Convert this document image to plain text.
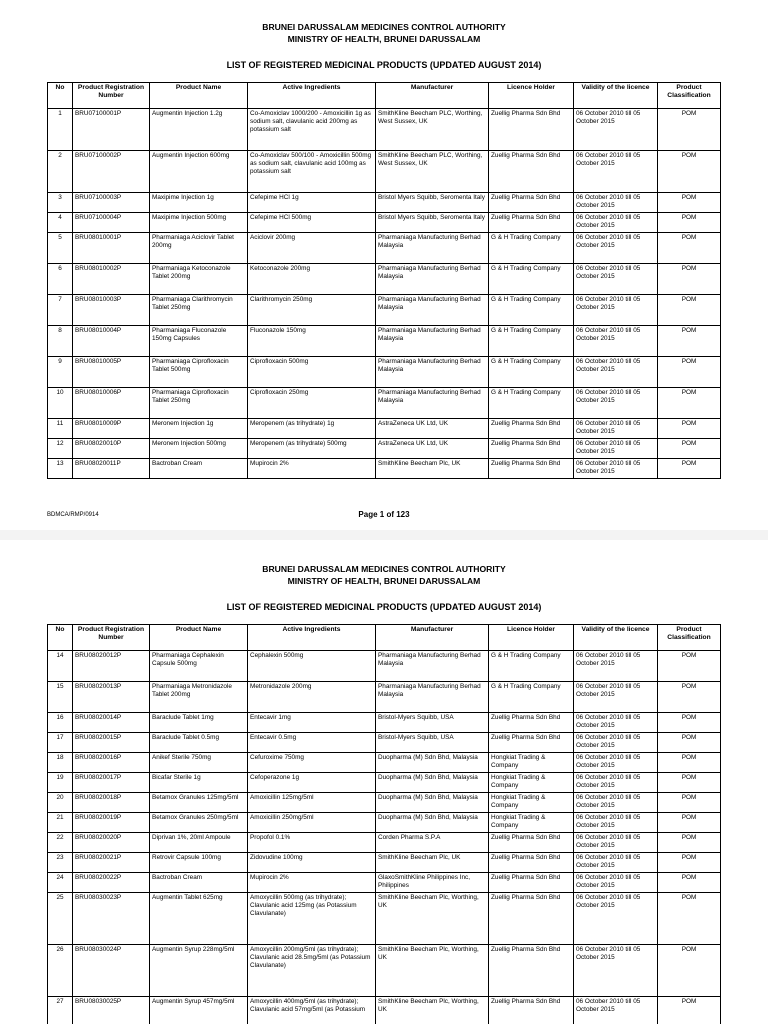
BRUNEI DARUSSALAM MEDICINES CONTROL AUTHORITY
MINISTRY OF HEALTH, BRUNEI DARUSSALAM
LIST OF REGISTERED MEDICINAL PRODUCTS (UPDATED AUGUST 2014)
No	Product Registration Number	Product Name	Active Ingredients	Manufacturer	Licence Holder	Validity of the licence	Product Classification

1	BRU07100001P	Augmentin Injection 1.2g	Co-Amoxiclav 1000/200 - Amoxicillin 1g as sodium salt, clavulanic acid 200mg as potassium salt	SmithKline Beecham PLC, Worthing, West Sussex, UK	Zuellig Pharma Sdn Bhd	06 October 2010 till 05 October 2015	POM

2	BRU07100002P	Augmentin Injection 600mg	Co-Amoxiclav 500/100 - Amoxicillin 500mg as sodium salt, clavulanic acid 100mg as potassium salt	SmithKline Beecham PLC, Worthing, West Sussex, UK	Zuellig Pharma Sdn Bhd	06 October 2010 till 05 October 2015	POM

3	BRU07100003P	Maxipime Injection 1g	Cefepime HCl 1g	Bristol Myers Squibb, Seromenta Italy	Zuellig Pharma Sdn Bhd	06 October 2010 till 05 October 2015	POM

4	BRU07100004P	Maxipime Injection 500mg	Cefepime HCl 500mg	Bristol Myers Squibb, Seromenta Italy	Zuellig Pharma Sdn Bhd	06 October 2010 till 05 October 2015	POM

5	BRU08010001P	Pharmaniaga Aciclovir Tablet 200mg	Aciclovir 200mg	Pharmaniaga Manufacturing Berhad Malaysia	G & H Trading Company	06 October 2010 till 05 October 2015	POM

6	BRU08010002P	Pharmaniaga Ketoconazole Tablet 200mg	Ketoconazole 200mg	Pharmaniaga Manufacturing Berhad Malaysia	G & H Trading Company	06 October 2010 till 05 October 2015	POM

7	BRU08010003P	Pharmaniaga Clarithromycin Tablet 250mg	Clarithromycin 250mg	Pharmaniaga Manufacturing Berhad Malaysia	G & H Trading Company	06 October 2010 till 05 October 2015	POM

8	BRU08010004P	Pharmaniaga Fluconazole 150mg Capsules	Fluconazole 150mg	Pharmaniaga Manufacturing Berhad Malaysia	G & H Trading Company	06 October 2010 till 05 October 2015	POM

9	BRU08010005P	Pharmaniaga Ciprofloxacin Tablet 500mg	Ciprofloxacin 500mg	Pharmaniaga Manufacturing Berhad Malaysia	G & H Trading Company	06 October 2010 till 05 October 2015	POM

10	BRU08010006P	Pharmaniaga Ciprofloxacin Tablet 250mg	Ciprofloxacin 250mg	Pharmaniaga Manufacturing Berhad Malaysia	G & H Trading Company	06 October 2010 till 05 October 2015	POM

11	BRU08010009P	Meronem Injection 1g	Meropenem (as trihydrate) 1g	AstraZeneca UK Ltd, UK	Zuellig Pharma Sdn Bhd	06 October 2010 till 05 October 2015	POM

12	BRU08020010P	Meronem Injection 500mg	Meropenem (as trihydrate) 500mg	AstraZeneca UK Ltd, UK	Zuellig Pharma Sdn Bhd	06 October 2010 till 05 October 2015	POM

13	BRU08020011P	Bactroban Cream	Mupirocin 2%	SmithKline Beecham Plc, UK	Zuellig Pharma Sdn Bhd	06 October 2010 till 05 October 2015	POM
BDMCA/RMP/0914	Page 1 of 123
BRUNEI DARUSSALAM MEDICINES CONTROL AUTHORITY
MINISTRY OF HEALTH, BRUNEI DARUSSALAM
LIST OF REGISTERED MEDICINAL PRODUCTS (UPDATED AUGUST 2014)
No	Product Registration Number	Product Name	Active Ingredients	Manufacturer	Licence Holder	Validity of the licence	Product Classification

14	BRU08020012P	Pharmaniaga Cephalexin Capsule 500mg	Cephalexin 500mg	Pharmaniaga Manufacturing Berhad Malaysia	G & H Trading Company	06 October 2010 till 05 October 2015	POM

15	BRU08020013P	Pharmaniaga Metronidazole Tablet 200mg	Metronidazole 200mg	Pharmaniaga Manufacturing Berhad Malaysia	G & H Trading Company	06 October 2010 till 05 October 2015	POM

16	BRU08020014P	Baraclude Tablet 1mg	Entecavir 1mg	Bristol-Myers Squibb, USA	Zuellig Pharma Sdn Bhd	06 October 2010 till 05 October 2015	POM

17	BRU08020015P	Baraclude Tablet 0.5mg	Entecavir 0.5mg	Bristol-Myers Squibb, USA	Zuellig Pharma Sdn Bhd	06 October 2010 till 05 October 2015	POM

18	BRU08020016P	Anikef Sterile 750mg	Cefuroxime 750mg	Duopharma (M) Sdn Bhd, Malaysia	Hongkiat Trading & Company	06 October 2010 till 05 October 2015	POM

19	BRU08020017P	Bicafar Sterile 1g	Cefoperazone 1g	Duopharma (M) Sdn Bhd, Malaysia	Hongkiat Trading & Company	06 October 2010 till 05 October 2015	POM

20	BRU08020018P	Betamox Granules 125mg/5ml	Amoxicillin 125mg/5ml	Duopharma (M) Sdn Bhd, Malaysia	Hongkiat Trading & Company	06 October 2010 till 05 October 2015	POM

21	BRU08020019P	Betamox Granules 250mg/5ml	Amoxicillin 250mg/5ml	Duopharma (M) Sdn Bhd, Malaysia	Hongkiat Trading & Company	06 October 2010 till 05 October 2015	POM

22	BRU08020020P	Diprivan 1%, 20ml Ampoule	Propofol 0.1%	Corden Pharma S.P.A	Zuellig Pharma Sdn Bhd	06 October 2010 till 05 October 2015	POM

23	BRU08020021P	Retrovir Capsule 100mg	Zidovudine 100mg	SmithKline Beecham Plc, UK	Zuellig Pharma Sdn Bhd	06 October 2010 till 05 October 2015	POM

24	BRU08020022P	Bactroban Cream	Mupirocin 2%	GlaxoSmithKline Philippines Inc, Philippines	Zuellig Pharma Sdn Bhd	06 October 2010 till 05 October 2015	POM

25	BRU08030023P	Augmentin Tablet 625mg	Amoxycillin 500mg (as trihydrate); Clavulanic acid 125mg (as Potassium Clavulanate)	SmithKline Beecham Plc, Worthing, UK	Zuellig Pharma Sdn Bhd	06 October 2010 till 05 October 2015	POM

26	BRU08030024P	Augmentin Syrup 228mg/5ml	Amoxycillin 200mg/5ml (as trihydrate); Clavulanic acid 28.5mg/5ml (as Potassium Clavulanate)	SmithKline Beecham Plc, Worthing, UK	Zuellig Pharma Sdn Bhd	06 October 2010 till 05 October 2015	POM

27	BRU08030025P	Augmentin Syrup 457mg/5ml	Amoxycillin 400mg/5ml (as trihydrate); Clavulanic acid 57mg/5ml (as Potassium	SmithKline Beecham Plc, Worthing, UK	Zuellig Pharma Sdn Bhd	06 October 2010 till 05 October 2015	POM
